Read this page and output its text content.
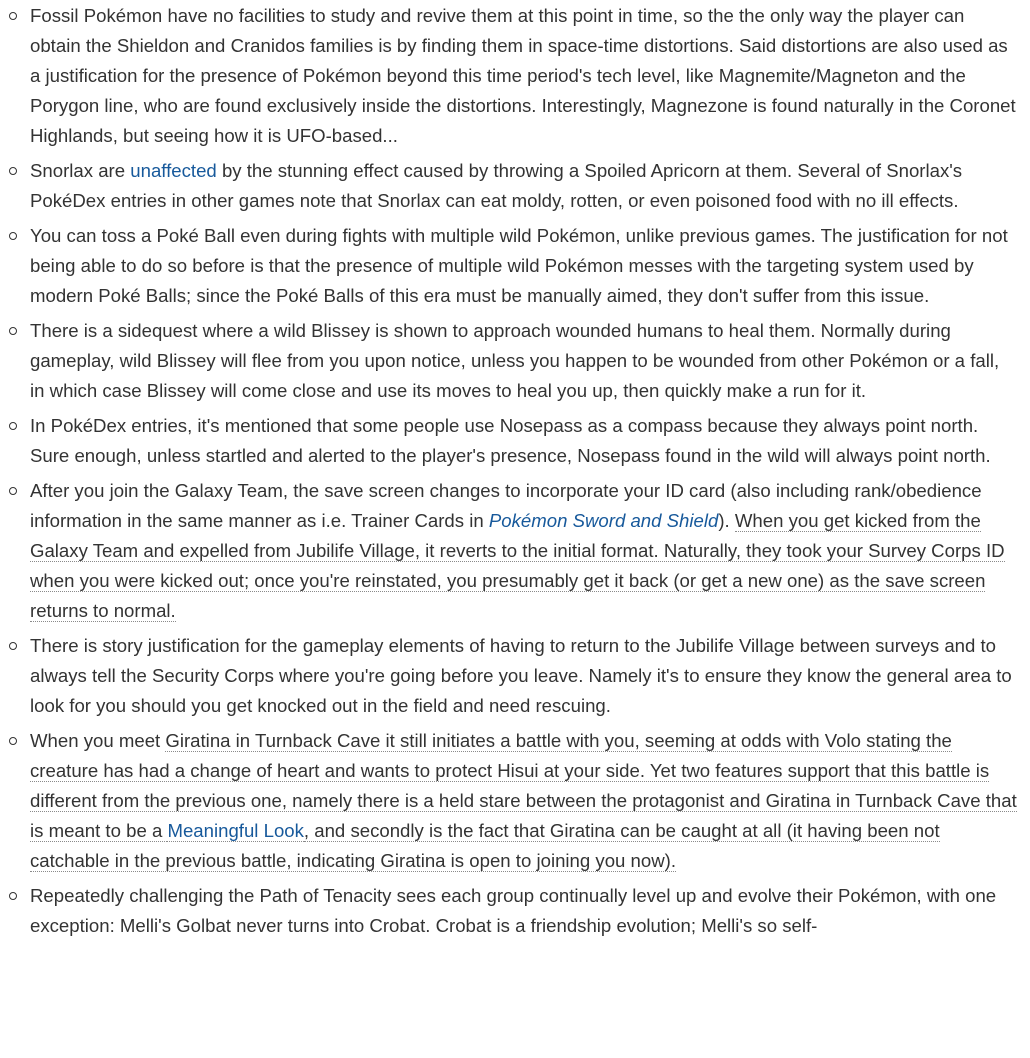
Fossil Pokémon have no facilities to study and revive them at this point in time, so the the only way the player can obtain the Shieldon and Cranidos families is by finding them in space-time distortions. Said distortions are also used as a justification for the presence of Pokémon beyond this time period's tech level, like Magnemite/Magneton and the Porygon line, who are found exclusively inside the distortions. Interestingly, Magnezone is found naturally in the Coronet Highlands, but seeing how it is UFO-based...
Snorlax are unaffected by the stunning effect caused by throwing a Spoiled Apricorn at them. Several of Snorlax's PokéDex entries in other games note that Snorlax can eat moldy, rotten, or even poisoned food with no ill effects.
You can toss a Poké Ball even during fights with multiple wild Pokémon, unlike previous games. The justification for not being able to do so before is that the presence of multiple wild Pokémon messes with the targeting system used by modern Poké Balls; since the Poké Balls of this era must be manually aimed, they don't suffer from this issue.
There is a sidequest where a wild Blissey is shown to approach wounded humans to heal them. Normally during gameplay, wild Blissey will flee from you upon notice, unless you happen to be wounded from other Pokémon or a fall, in which case Blissey will come close and use its moves to heal you up, then quickly make a run for it.
In PokéDex entries, it's mentioned that some people use Nosepass as a compass because they always point north. Sure enough, unless startled and alerted to the player's presence, Nosepass found in the wild will always point north.
After you join the Galaxy Team, the save screen changes to incorporate your ID card (also including rank/obedience information in the same manner as i.e. Trainer Cards in Pokémon Sword and Shield). When you get kicked from the Galaxy Team and expelled from Jubilife Village, it reverts to the initial format. Naturally, they took your Survey Corps ID when you were kicked out; once you're reinstated, you presumably get it back (or get a new one) as the save screen returns to normal.
There is story justification for the gameplay elements of having to return to the Jubilife Village between surveys and to always tell the Security Corps where you're going before you leave. Namely it's to ensure they know the general area to look for you should you get knocked out in the field and need rescuing.
When you meet Giratina in Turnback Cave it still initiates a battle with you, seeming at odds with Volo stating the creature has had a change of heart and wants to protect Hisui at your side. Yet two features support that this battle is different from the previous one, namely there is a held stare between the protagonist and Giratina in Turnback Cave that is meant to be a Meaningful Look, and secondly is the fact that Giratina can be caught at all (it having been not catchable in the previous battle, indicating Giratina is open to joining you now).
Repeatedly challenging the Path of Tenacity sees each group continually level up and evolve their Pokémon, with one exception: Melli's Golbat never turns into Crobat. Crobat is a friendship evolution; Melli's so self-
